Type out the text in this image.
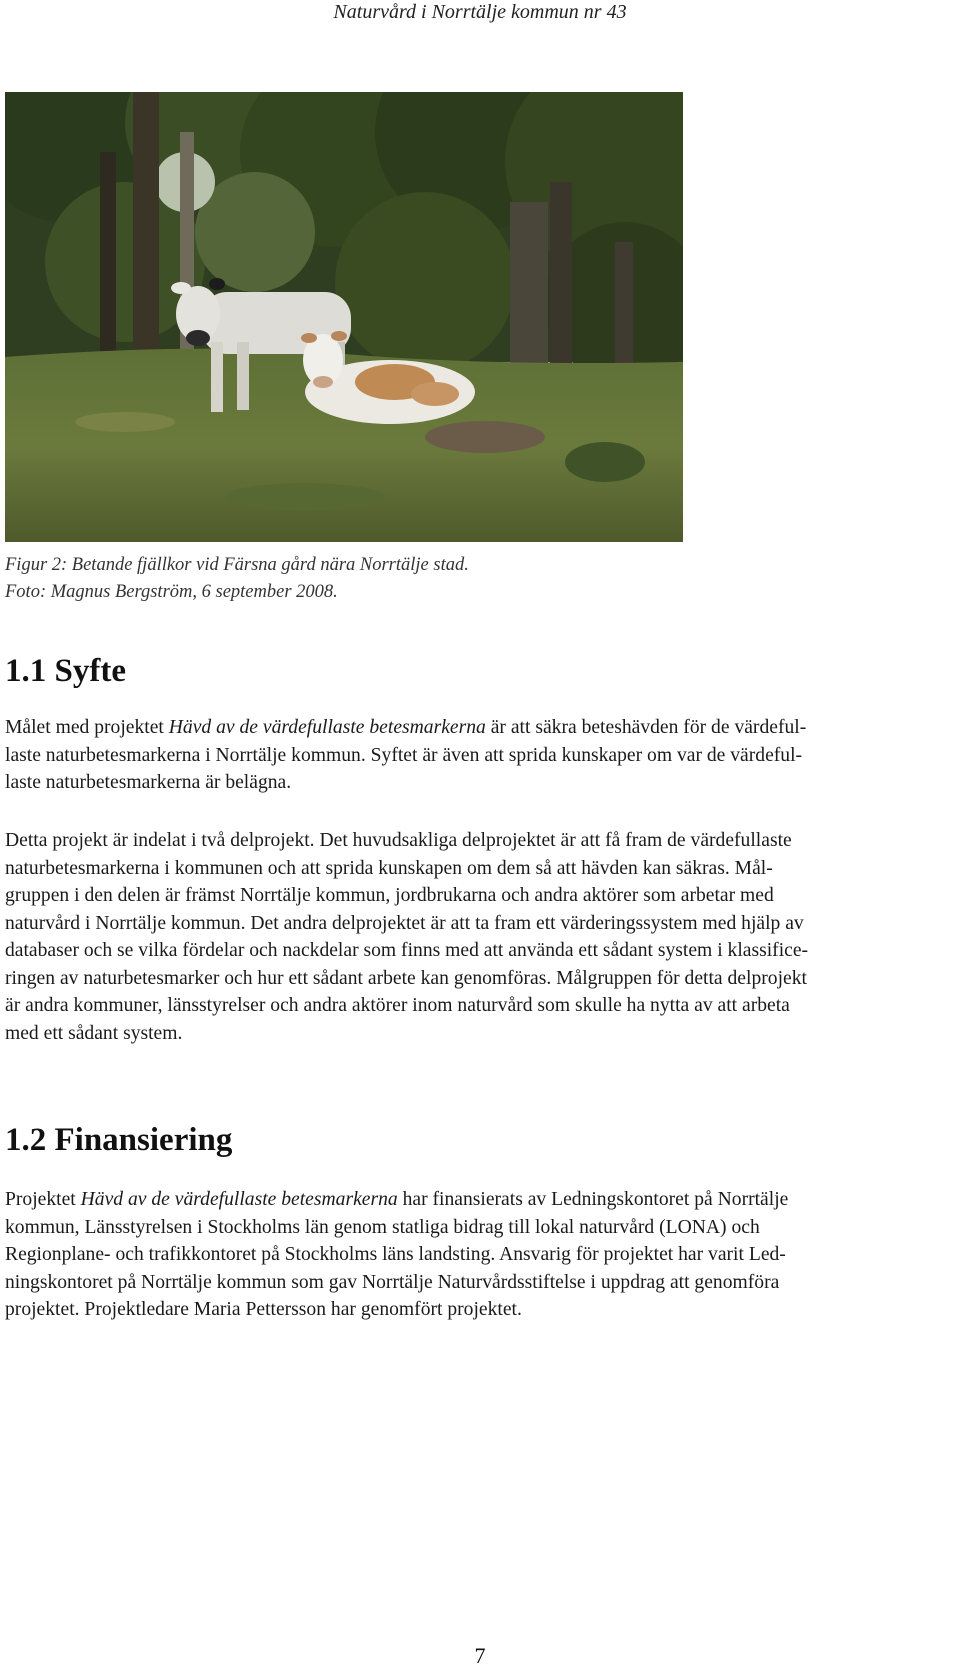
Naturvård i Norrtälje kommun nr 43
Figur 2: Betande fjällkor vid Färsna gård nära Norrtälje stad.
Foto: Magnus Bergström, 6 september 2008.
1.1 Syfte

Målet med projektet Hävd av de värdefullaste betesmarkerna är att säkra beteshävden för de värdeful-
laste naturbetesmarkerna i Norrtälje kommun. Syftet är även att sprida kunskaper om var de värdeful-
laste naturbetesmarkerna är belägna.

Detta projekt är indelat i två delprojekt. Det huvudsakliga delprojektet är att få fram de värdefullaste
naturbetesmarkerna i kommunen och att sprida kunskapen om dem så att hävden kan säkras. Mål-
gruppen i den delen är främst Norrtälje kommun, jordbrukarna och andra aktörer som arbetar med
naturvård i Norrtälje kommun. Det andra delprojektet är att ta fram ett värderingssystem med hjälp av
databaser och se vilka fördelar och nackdelar som finns med att använda ett sådant system i klassifice-
ringen av naturbetesmarker och hur ett sådant arbete kan genomföras. Målgruppen för detta delprojekt
är andra kommuner, länsstyrelser och andra aktörer inom naturvård som skulle ha nytta av att arbeta
med ett sådant system.

1.2 Finansiering

Projektet Hävd av de värdefullaste betesmarkerna har finansierats av Ledningskontoret på Norrtälje
kommun, Länsstyrelsen i Stockholms län genom statliga bidrag till lokal naturvård (LONA) och
Regionplane- och trafikkontoret på Stockholms läns landsting. Ansvarig för projektet har varit Led-
ningskontoret på Norrtälje kommun som gav Norrtälje Naturvårdsstiftelse i uppdrag att genomföra
projektet. Projektledare Maria Pettersson har genomfört projektet.

7
